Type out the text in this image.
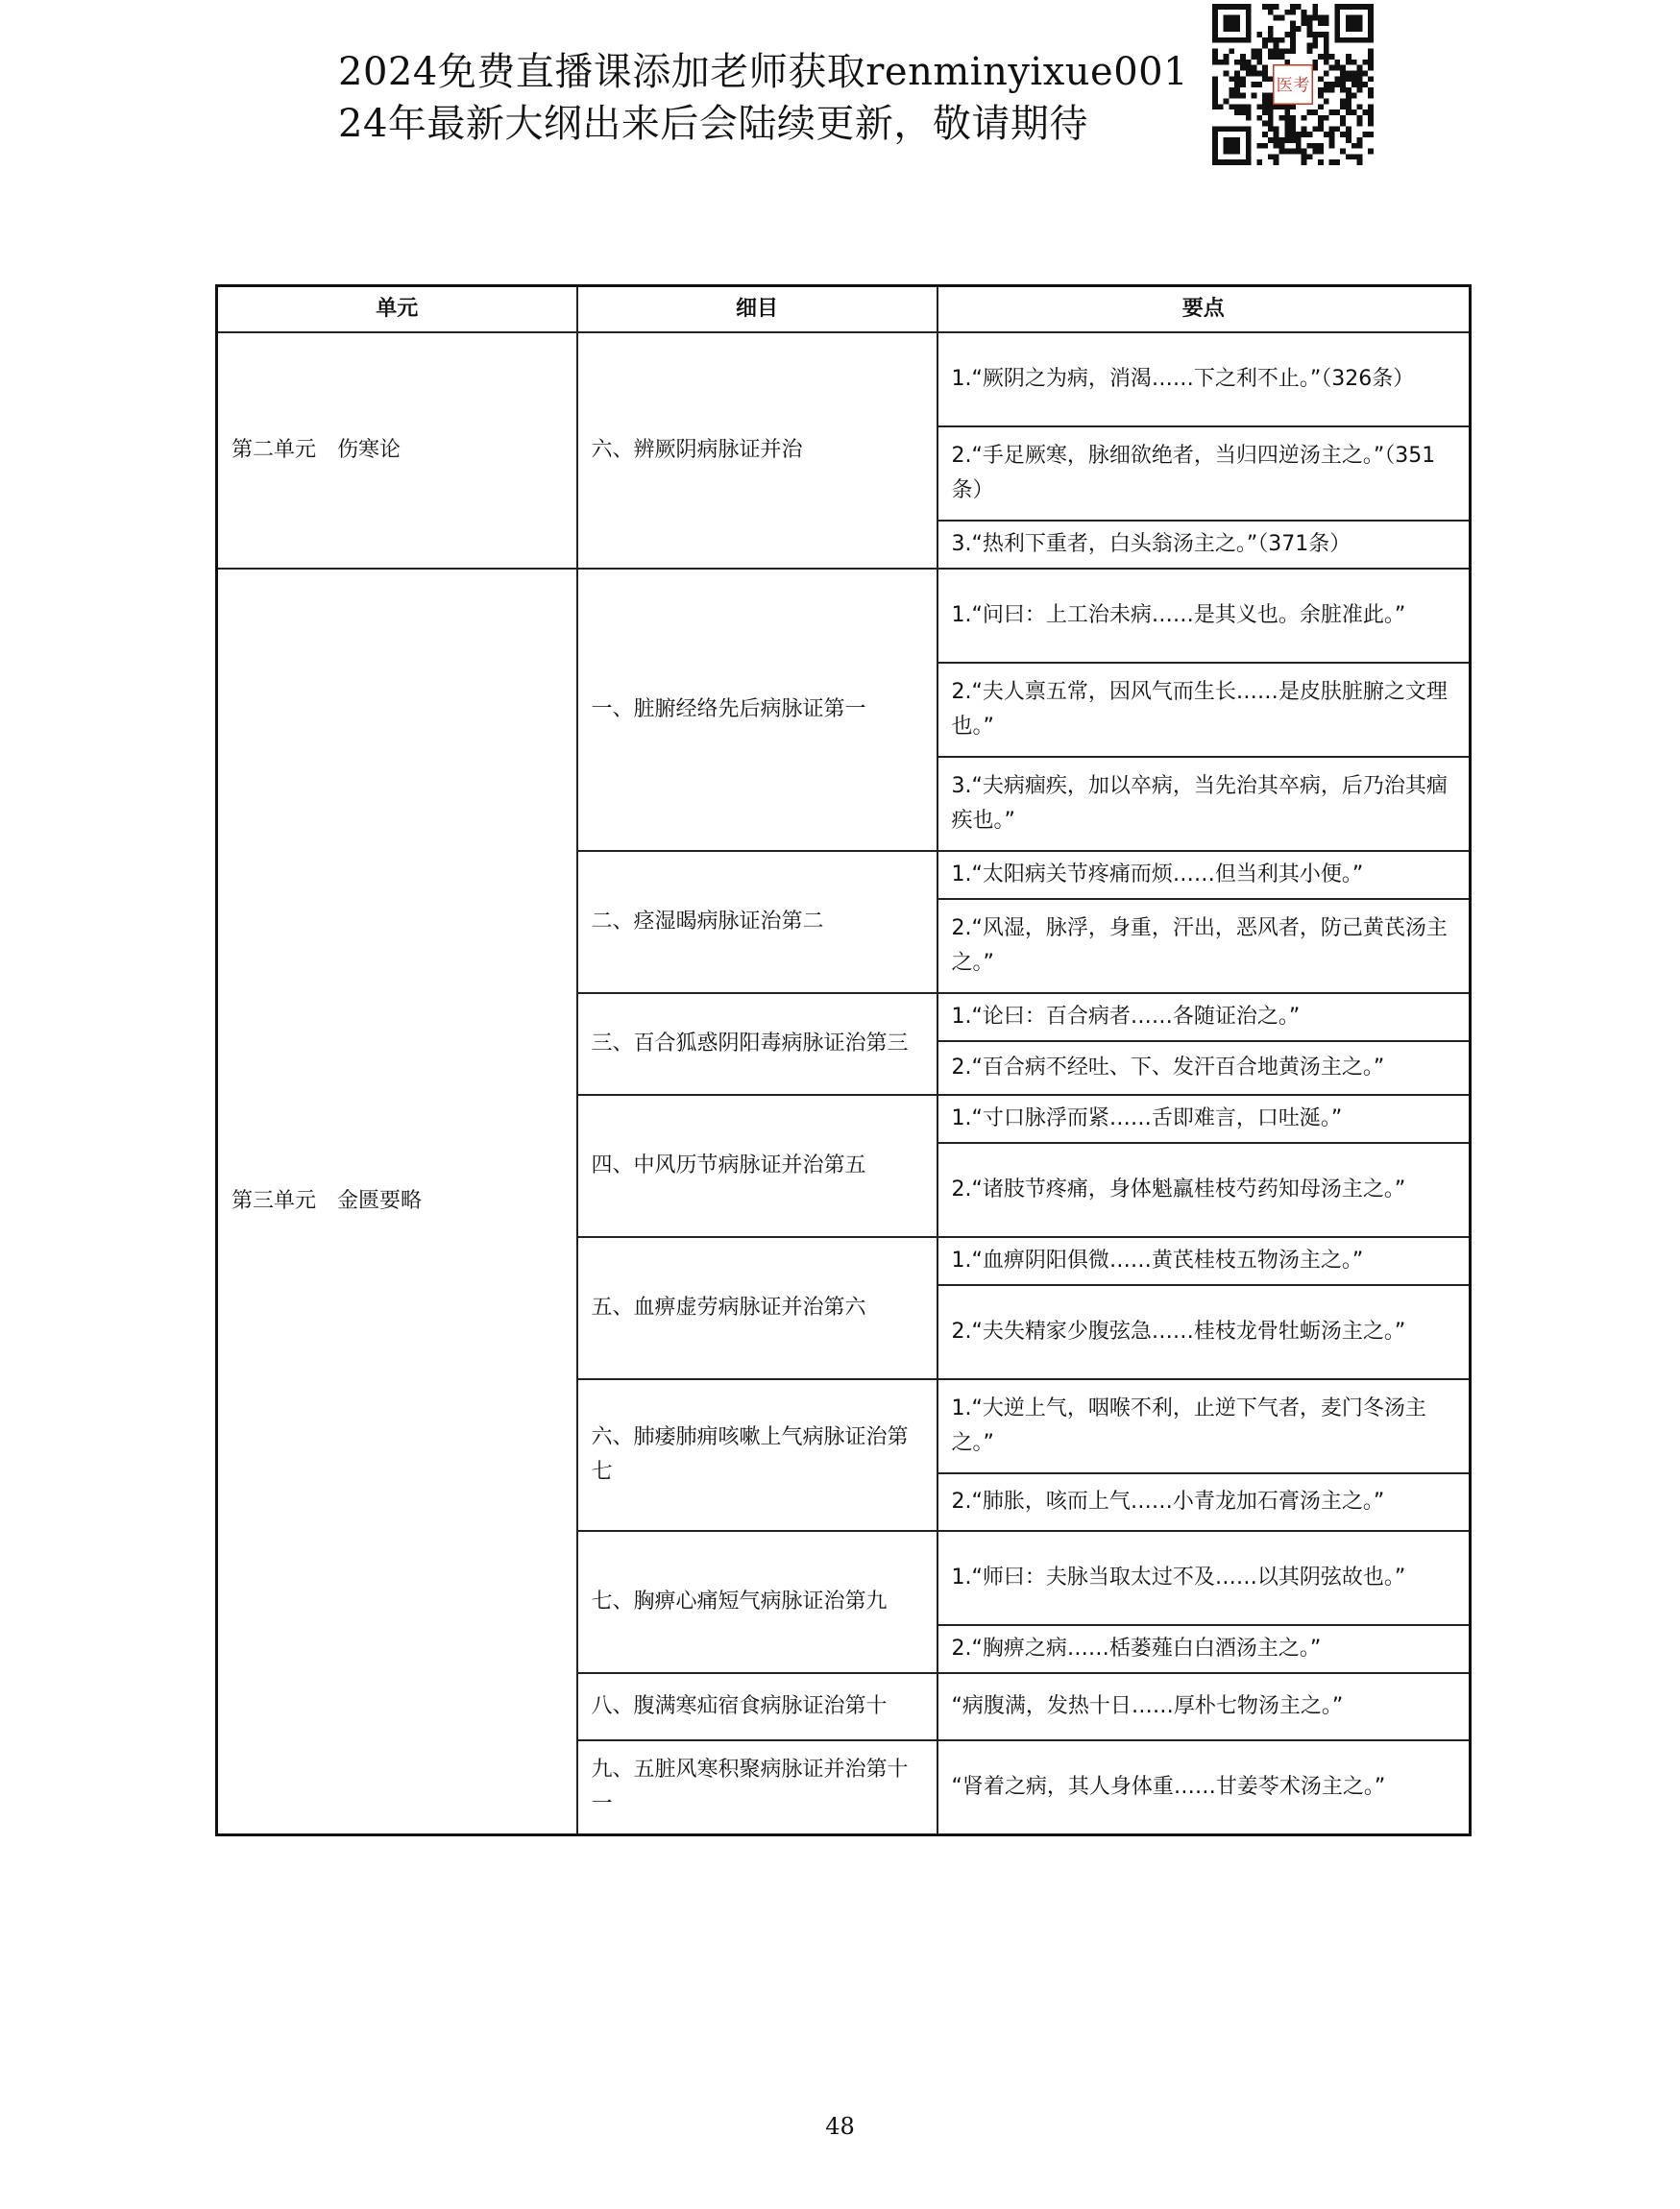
2024免费直播课添加老师获取renminyixue001
24年最新大纲出来后会陆续更新，敬请期待
医考
单元	细目	要点
第二单元　伤寒论	六、辨厥阴病脉证并治	1.“厥阴之为病，消渴……下之利不止。”（326条）
		2.“手足厥寒，脉细欲绝者，当归四逆汤主之。”（351条）
		3.“热利下重者，白头翁汤主之。”（371条）
第三单元　金匮要略	一、脏腑经络先后病脉证第一	1.“问曰：上工治未病……是其义也。余脏准此。”
		2.“夫人禀五常，因风气而生长……是皮肤脏腑之文理也。”
		3.“夫病痼疾，加以卒病，当先治其卒病，后乃治其痼疾也。”
	二、痉湿暍病脉证治第二	1.“太阳病关节疼痛而烦……但当利其小便。”
		2.“风湿，脉浮，身重，汗出，恶风者，防己黄芪汤主之。”
	三、百合狐惑阴阳毒病脉证治第三	1.“论曰：百合病者……各随证治之。”
		2.“百合病不经吐、下、发汗百合地黄汤主之。”
	四、中风历节病脉证并治第五	1.“寸口脉浮而紧……舌即难言，口吐涎。”
		2.“诸肢节疼痛，身体魁羸桂枝芍药知母汤主之。”
	五、血痹虚劳病脉证并治第六	1.“血痹阴阳俱微……黄芪桂枝五物汤主之。”
		2.“夫失精家少腹弦急……桂枝龙骨牡蛎汤主之。”
	六、肺痿肺痈咳嗽上气病脉证治第七	1.“大逆上气，咽喉不利，止逆下气者，麦门冬汤主之。”
		2.“肺胀，咳而上气……小青龙加石膏汤主之。”
	七、胸痹心痛短气病脉证治第九	1.“师曰：夫脉当取太过不及……以其阴弦故也。”
		2.“胸痹之病……栝蒌薤白白酒汤主之。”
	八、腹满寒疝宿食病脉证治第十	“病腹满，发热十日……厚朴七物汤主之。”
	九、五脏风寒积聚病脉证并治第十一	“肾着之病，其人身体重……甘姜苓术汤主之。”
48
